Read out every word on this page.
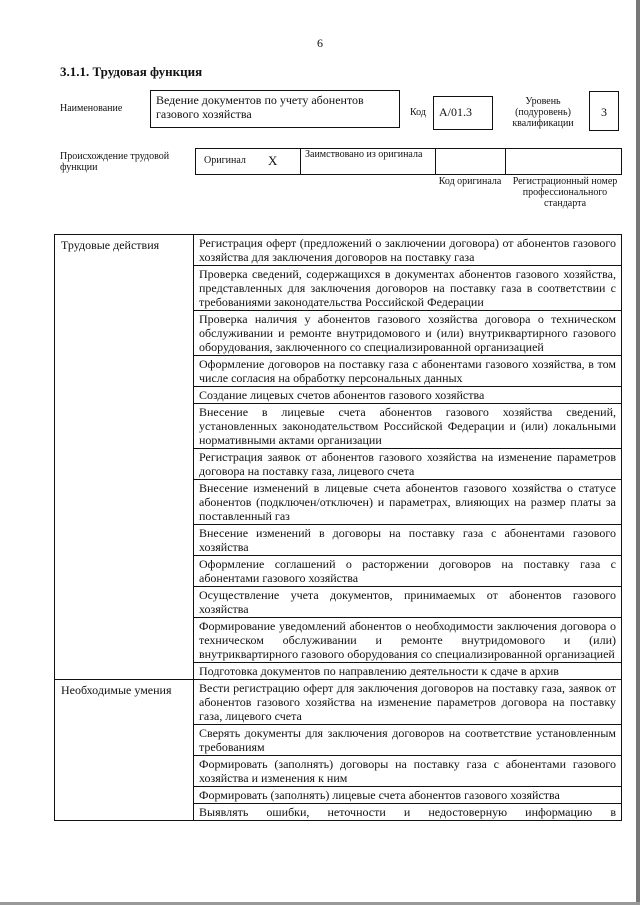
6
3.1.1. Трудовая функция
Наименование
Ведение документов по учету абонентов газового хозяйства	Код	A/01.3
Уровень (подуровень) квалификации
3
Происхождение трудовой функции
Оригинал X	Заимствовано из оригинала
Код оригинала Регистрационный номер профессионального стандарта
Трудовые действия	Регистрация оферт (предложений о заключении договора) от абонентов газового хозяйства для заключения договоров на поставку газа
	Проверка сведений, содержащихся в документах абонентов газового хозяйства, представленных для заключения договоров на поставку газа в соответствии с требованиями законодательства Российской Федерации
	Проверка наличия у абонентов газового хозяйства договора о техническом обслуживании и ремонте внутридомового и (или) внутриквартирного газового оборудования, заключенного со специализированной организацией
	Оформление договоров на поставку газа с абонентами газового хозяйства, в том числе согласия на обработку персональных данных
	Создание лицевых счетов абонентов газового хозяйства
	Внесение в лицевые счета абонентов газового хозяйства сведений, установленных законодательством Российской Федерации и (или) локальными нормативными актами организации
	Регистрация заявок от абонентов газового хозяйства на изменение параметров договора на поставку газа, лицевого счета
	Внесение изменений в лицевые счета абонентов газового хозяйства о статусе абонентов (подключен/отключен) и параметрах, влияющих на размер платы за поставленный газ
	Внесение изменений в договоры на поставку газа с абонентами газового хозяйства
	Оформление соглашений о расторжении договоров на поставку газа с абонентами газового хозяйства
	Осуществление учета документов, принимаемых от абонентов газового хозяйства
	Формирование уведомлений абонентов о необходимости заключения договора о техническом обслуживании и ремонте внутридомового и (или) внутриквартирного газового оборудования со специализированной организацией
	Подготовка документов по направлению деятельности к сдаче в архив
Необходимые умения	Вести регистрацию оферт для заключения договоров на поставку газа, заявок от абонентов газового хозяйства на изменение параметров договора на поставку газа, лицевого счета
	Сверять документы для заключения договоров на соответствие установленным требованиям
	Формировать (заполнять) договоры на поставку газа с абонентами газового хозяйства и изменения к ним
	Формировать (заполнять) лицевые счета абонентов газового хозяйства
	Выявлять ошибки, неточности и недостоверную информацию в
